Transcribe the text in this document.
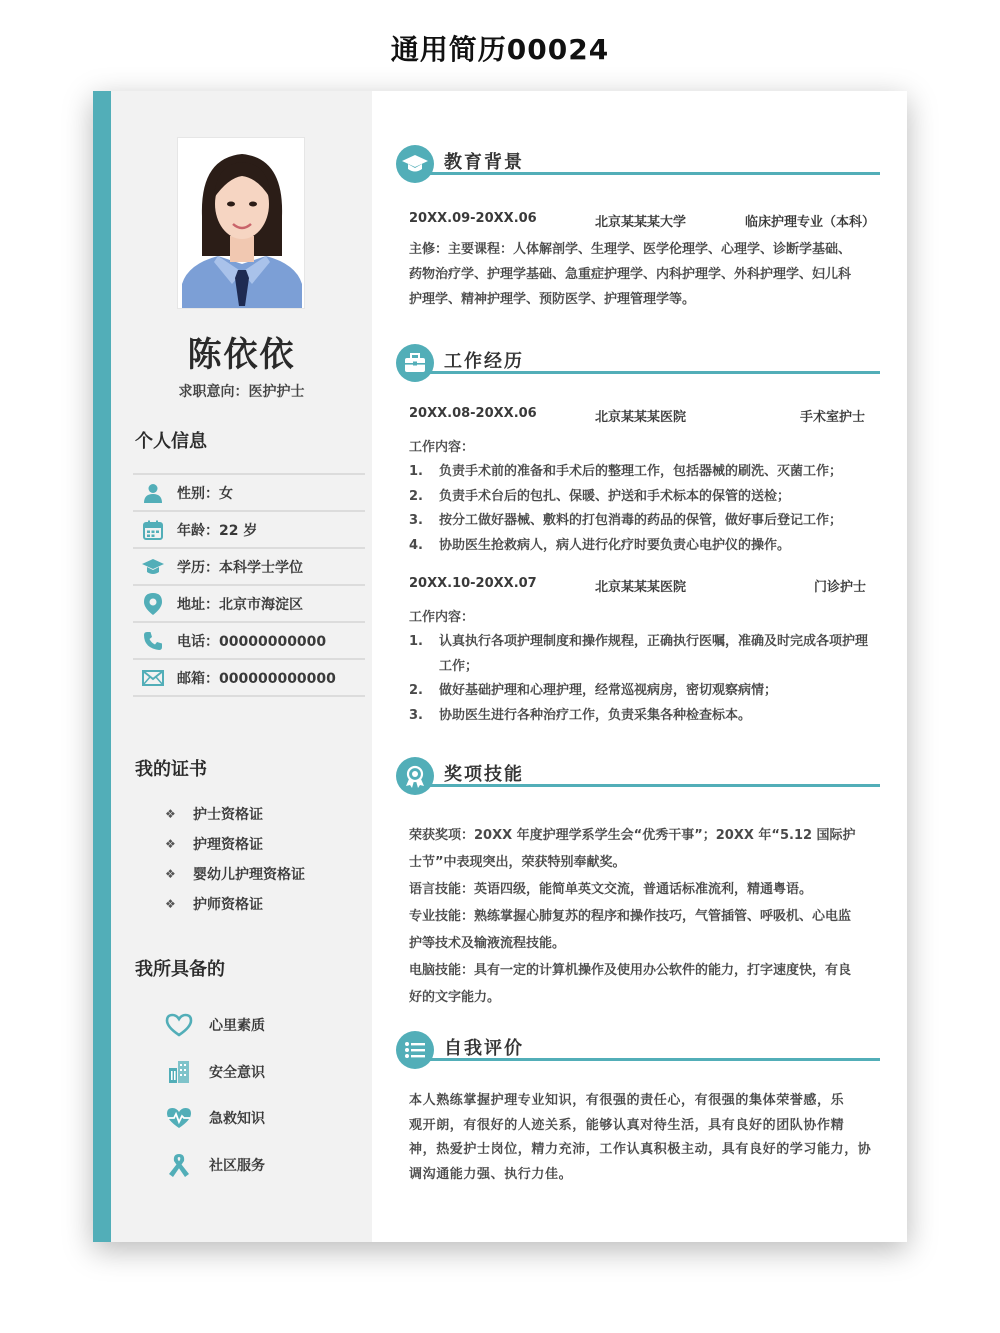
通用简历00024
陈依依
求职意向：医护护士
个人信息
性别：女
年龄：22 岁
学历：本科学士学位
地址：北京市海淀区
电话：00000000000
邮箱：000000000000
我的证书
❖	护士资格证
❖	护理资格证
❖	婴幼儿护理资格证
❖	护师资格证
我所具备的
心里素质
安全意识
急救知识
社区服务
教育背景
20XX.09-20XX.06	北京某某某大学	临床护理专业（本科）
主修：主要课程：人体解剖学、生理学、医学伦理学、心理学、诊断学基础、
药物治疗学、护理学基础、急重症护理学、内科护理学、外科护理学、妇儿科
护理学、精神护理学、预防医学、护理管理学等。
工作经历
20XX.08-20XX.06	北京某某某医院	手术室护士
工作内容：
1.	负责手术前的准备和手术后的整理工作，包括器械的刷洗、灭菌工作；
2.	负责手术台后的包扎、保暖、护送和手术标本的保管的送检；
3.	按分工做好器械、敷料的打包消毒的药品的保管，做好事后登记工作；
4.	协助医生抢救病人，病人进行化疗时要负责心电护仪的操作。
20XX.10-20XX.07	北京某某某医院	门诊护士
工作内容：
1.	认真执行各项护理制度和操作规程，正确执行医嘱，准确及时完成各项护理工作；
2.	做好基础护理和心理护理，经常巡视病房，密切观察病情；
3.	协助医生进行各种治疗工作，负责采集各种检查标本。
奖项技能
荣获奖项：20XX 年度护理学系学生会“优秀干事”；20XX 年“5.12 国际护
士节”中表现突出，荣获特别奉献奖。
语言技能：英语四级，能简单英文交流，普通话标准流利，精通粤语。
专业技能：熟练掌握心肺复苏的程序和操作技巧，气管插管、呼吸机、心电监
护等技术及输液流程技能。
电脑技能：具有一定的计算机操作及使用办公软件的能力，打字速度快，有良
好的文字能力。
自我评价
本人熟练掌握护理专业知识，有很强的责任心，有很强的集体荣誉感，乐
观开朗，有很好的人迹关系，能够认真对待生活，具有良好的团队协作精
神，热爱护士岗位，精力充沛，工作认真积极主动，具有良好的学习能力，协
调沟通能力强、执行力佳。
